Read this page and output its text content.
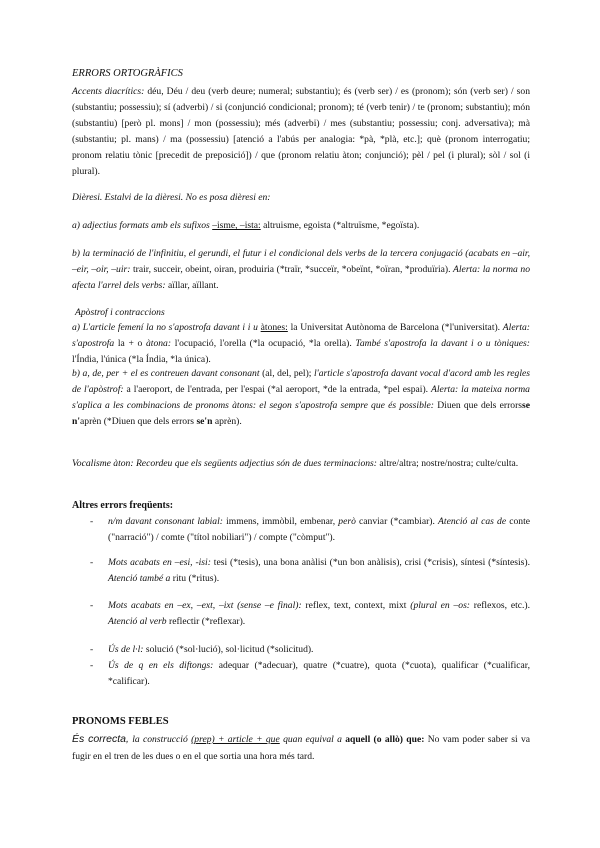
ERRORS ORTOGRÀFICS

Accents diacrítics: déu, Déu / deu (verb deure; numeral; substantiu); és (verb ser) / es (pronom); són (verb ser) / son (substantiu; possessiu); sí (adverbi) / si (conjunció condicional; pronom); té (verb tenir) / te (pronom; substantiu); món (substantiu) [però pl. mons] / mon (possessiu); més (adverbi) / mes (substantiu; possessiu; conj. adversativa); mà (substantiu; pl. mans) / ma (possessiu) [atenció a l'abús per analogia: *pà, *plà, etc.]; què (pronom interrogatiu; pronom relatiu tònic [precedit de preposició]) / que (pronom relatiu àton; conjunció); pèl / pel (i plural); sòl / sol (i plural).

Dièresi. Estalvi de la dièresi. No es posa dièresi en:

a) adjectius formats amb els sufixos –isme, –ista: altruisme, egoista (*altruïsme, *egoïsta).

b) la terminació de l'infinitiu, el gerundi, el futur i el condicional dels verbs de la tercera conjugació (acabats en –air, –eir, –oir, –uir: trair, succeir, obeint, oiran, produiria (*traïr, *succeïr, *obeïnt, *oïran, *produïria). Alerta: la norma no afecta l'arrel dels verbs: aïllar, aïllant.

Apòstrof i contraccions

a) L'article femení la no s'apostrofa davant i i u àtones: la Universitat Autònoma de Barcelona (*l'universitat). Alerta: s'apostrofa la + o àtona: l'ocupació, l'orella (*la ocupació, *la orella). També s'apostrofa la davant i o u tòniques: l'Índia, l'única (*la Índia, *la única).

b) a, de, per + el es contreuen davant consonant (al, del, pel); l'article s'apostrofa davant vocal d'acord amb les regles de l'apòstrof: a l'aeroport, de l'entrada, per l'espai (*al aeroport, *de la entrada, *pel espai). Alerta: la mateixa norma s'aplica a les combinacions de pronoms àtons: el segon s'apostrofa sempre que és possible: Diuen que dels errorsse n'aprèn (*Diuen que dels errors se'n aprèn).

Vocalisme àton: Recordeu que els següents adjectius són de dues terminacions: altre/altra; nostre/nostra; culte/culta.

Altres errors freqüents:

- n/m davant consonant labial: immens, immòbil, embenar, però canviar (*cambiar). Atenció al cas de conte ("narració") / comte ("títol nobiliari") / compte ("còmput").
- Mots acabats en –esi, -isi: tesi (*tesis), una bona anàlisi (*un bon anàlisis), crisi (*crisis), síntesi (*síntesis). Atenció també a ritu (*ritus).
- Mots acabats en –ex, –ext, –ixt (sense –e final): reflex, text, context, mixt (plural en –os: reflexos, etc.). Atenció al verb reflectir (*reflexar).
- Ús de l·l: solució (*sol·lució), sol·licitud (*solicitud).
- Ús de q en els diftongs: adequar (*adecuar), quatre (*cuatre), quota (*cuota), qualificar (*cualificar, *calificar).

PRONOMS FEBLES

És correcta, la construcció (prep) + article + que quan equival a aquell (o allò) que: No vam poder saber si va fugir en el tren de les dues o en el que sortia una hora més tard.
